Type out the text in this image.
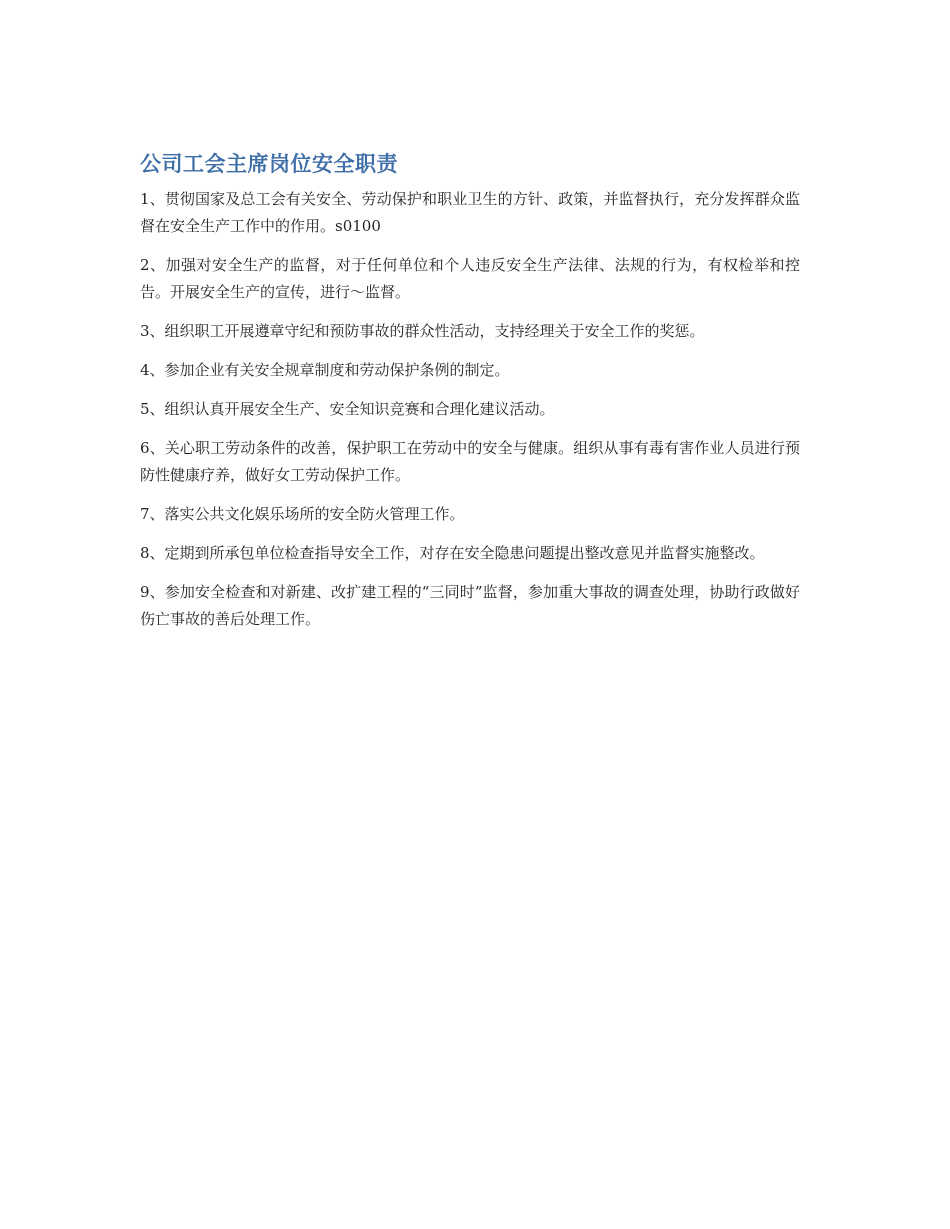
公司工会主席岗位安全职责

1、贯彻国家及总工会有关安全、劳动保护和职业卫生的方针、政策，并监督执行，充分发挥群众监督在安全生产工作中的作用。s0100

2、加强对安全生产的监督，对于任何单位和个人违反安全生产法律、法规的行为，有权检举和控告。开展安全生产的宣传，进行～监督。

3、组织职工开展遵章守纪和预防事故的群众性活动，支持经理关于安全工作的奖惩。

4、参加企业有关安全规章制度和劳动保护条例的制定。

5、组织认真开展安全生产、安全知识竞赛和合理化建议活动。

6、关心职工劳动条件的改善，保护职工在劳动中的安全与健康。组织从事有毒有害作业人员进行预防性健康疗养，做好女工劳动保护工作。

7、落实公共文化娱乐场所的安全防火管理工作。

8、定期到所承包单位检查指导安全工作，对存在安全隐患问题提出整改意见并监督实施整改。

9、参加安全检查和对新建、改扩建工程的“三同时”监督，参加重大事故的调查处理，协助行政做好伤亡事故的善后处理工作。
